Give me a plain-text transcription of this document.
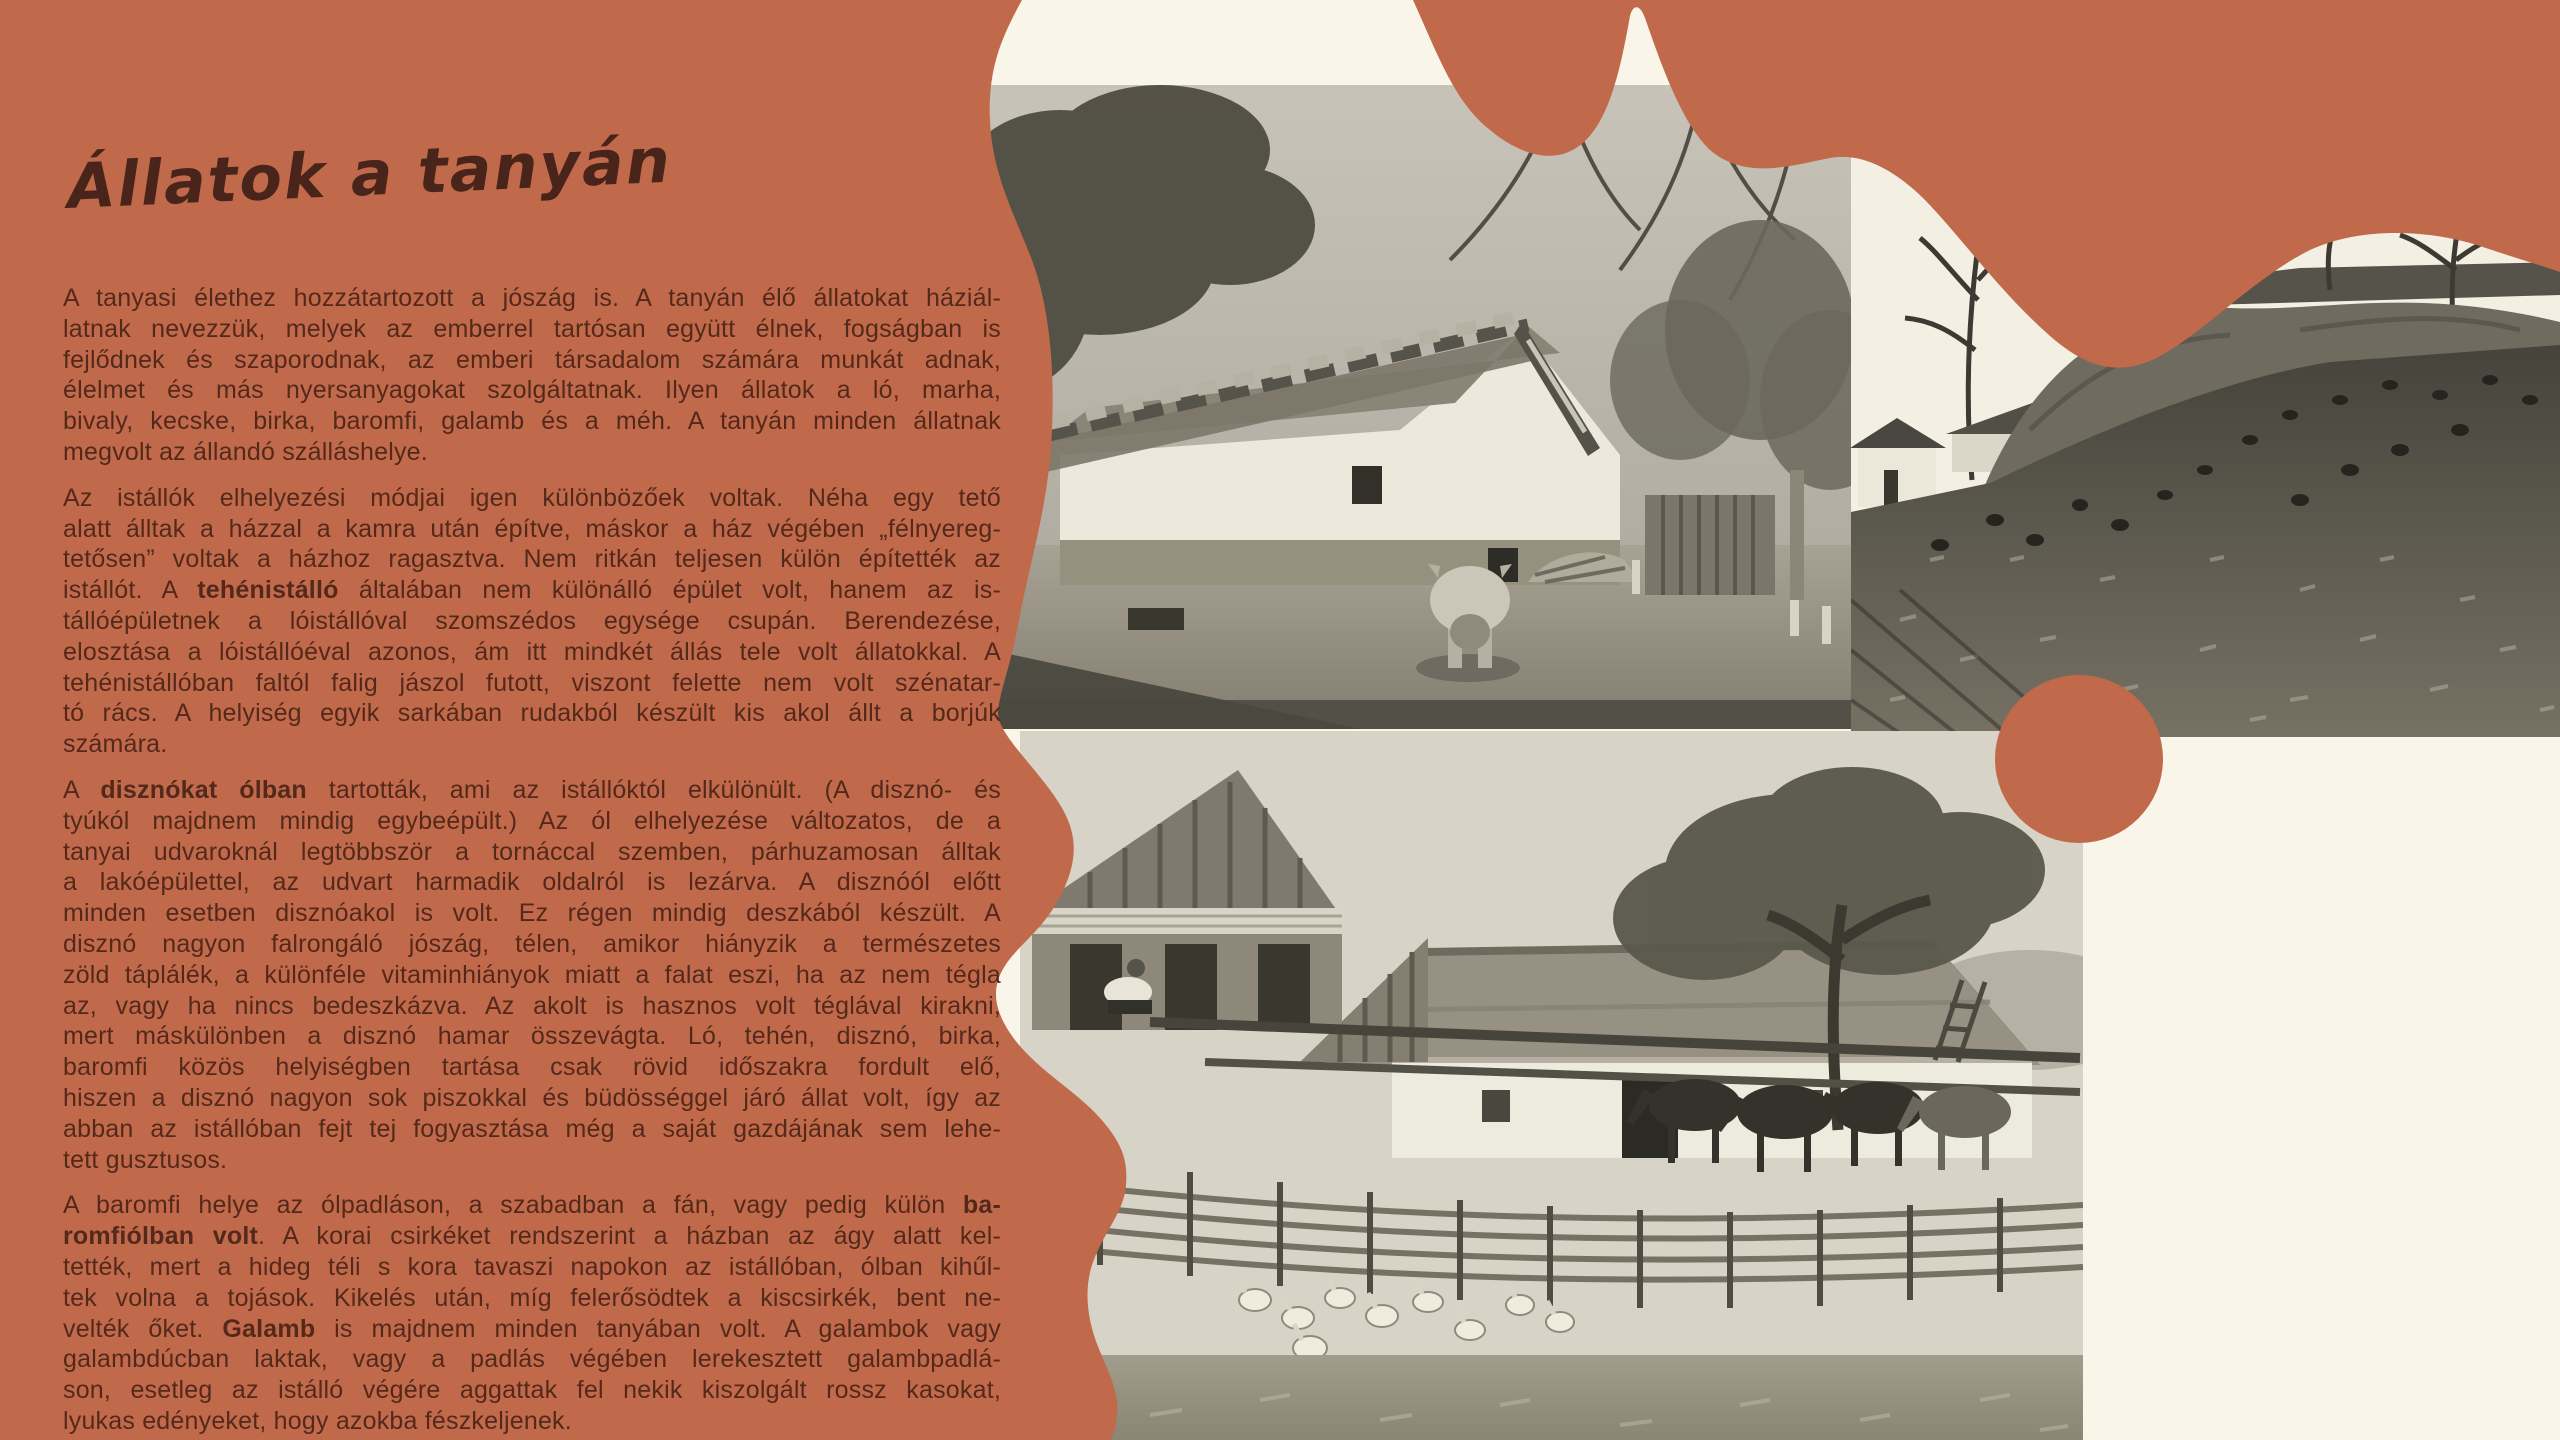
Állatok a tanyán
A tanyasi élethez hozzátartozott a jószág is. A tanyán élő állatokat háziál-
latnak nevezzük, melyek az emberrel tartósan együtt élnek, fogságban is
fejlődnek és szaporodnak, az emberi társadalom számára munkát adnak,
élelmet és más nyersanyagokat szolgáltatnak. Ilyen állatok a ló, marha,
bivaly, kecske, birka, baromfi, galamb és a méh. A tanyán minden állatnak
megvolt az állandó szálláshelye.
Az istállók elhelyezési módjai igen különbözőek voltak. Néha egy tető
alatt álltak a házzal a kamra után építve, máskor a ház végében „félnyereg-
tetősen” voltak a házhoz ragasztva. Nem ritkán teljesen külön építették az
istállót. A tehénistálló általában nem különálló épület volt, hanem az is-
tállóépületnek a lóistállóval szomszédos egysége csupán. Berendezése,
elosztása a lóistállóéval azonos, ám itt mindkét állás tele volt állatokkal. A
tehénistállóban faltól falig jászol futott, viszont felette nem volt szénatar-
tó rács. A helyiség egyik sarkában rudakból készült kis akol állt a borjúk
számára.
A disznókat ólban tartották, ami az istállóktól elkülönült. (A disznó- és
tyúkól majdnem mindig egybeépült.) Az ól elhelyezése változatos, de a
tanyai udvaroknál legtöbbször a tornáccal szemben, párhuzamosan álltak
a lakóépülettel, az udvart harmadik oldalról is lezárva. A disznóól előtt
minden esetben disznóakol is volt. Ez régen mindig deszkából készült. A
disznó nagyon falrongáló jószág, télen, amikor hiányzik a természetes
zöld táplálék, a különféle vitaminhiányok miatt a falat eszi, ha az nem tégla
az, vagy ha nincs bedeszkázva. Az akolt is hasznos volt téglával kirakni,
mert máskülönben a disznó hamar összevágta. Ló, tehén, disznó, birka,
baromfi közös helyiségben tartása csak rövid időszakra fordult elő,
hiszen a disznó nagyon sok piszokkal és büdösséggel járó állat volt, így az
abban az istállóban fejt tej fogyasztása még a saját gazdájának sem lehe-
tett gusztusos.
A baromfi helye az ólpadláson, a szabadban a fán, vagy pedig külön ba-
romfiólban volt. A korai csirkéket rendszerint a házban az ágy alatt kel-
tették, mert a hideg téli s kora tavaszi napokon az istállóban, ólban kihűl-
tek volna a tojások. Kikelés után, míg felerősödtek a kiscsirkék, bent ne-
velték őket. Galamb is majdnem minden tanyában volt. A galambok vagy
galambdúcban laktak, vagy a padlás végében lerekesztett galambpadlá-
son, esetleg az istálló végére aggattak fel nekik kiszolgált rossz kasokat,
lyukas edényeket, hogy azokba fészkeljenek.
